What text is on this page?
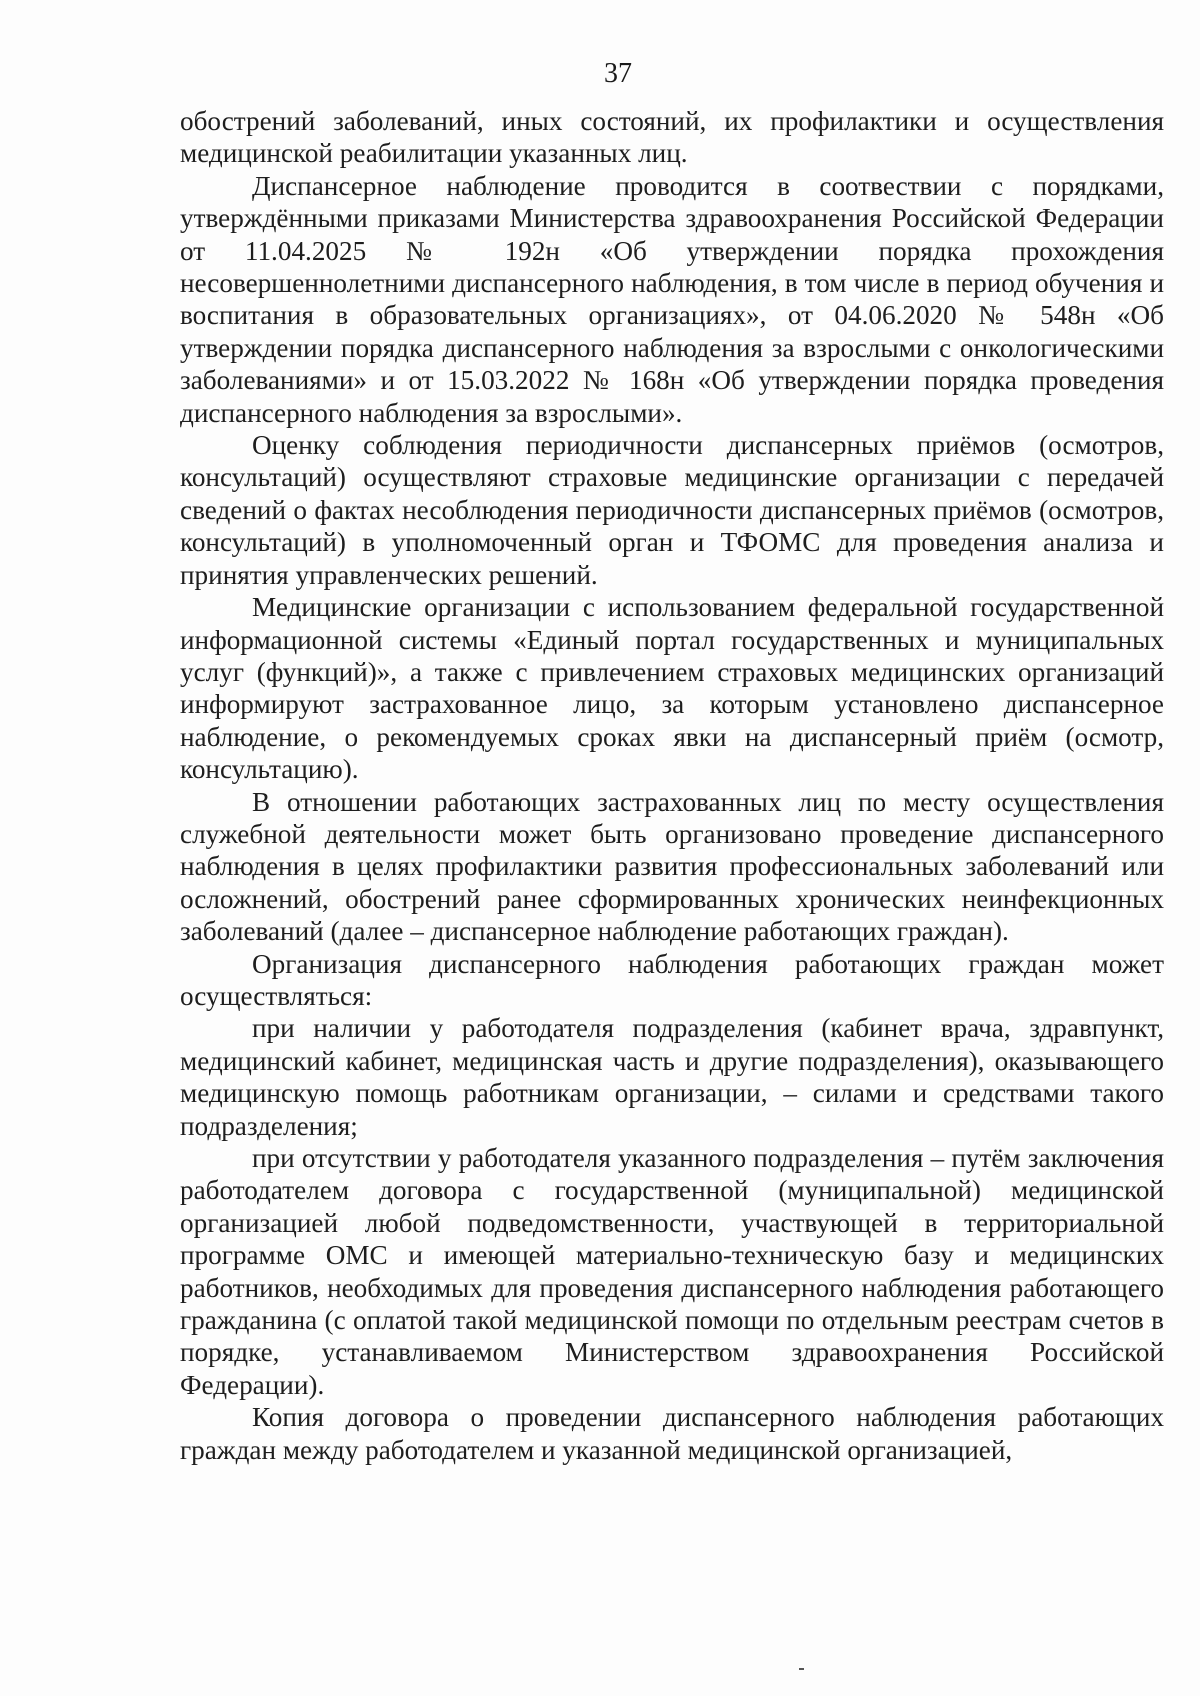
37

обострений заболеваний, иных состояний, их профилактики и осуществления медицинской реабилитации указанных лиц.

Диспансерное наблюдение проводится в соотвествии с порядками, утверждёнными приказами Министерства здравоохранения Российской Федерации от 11.04.2025 № 192н «Об утверждении порядка прохождения несовершеннолетними диспансерного наблюдения, в том числе в период обучения и воспитания в образовательных организациях», от 04.06.2020 № 548н «Об утверждении порядка диспансерного наблюдения за взрослыми с онкологическими заболеваниями» и от 15.03.2022 № 168н «Об утверждении порядка проведения диспансерного наблюдения за взрослыми».

Оценку соблюдения периодичности диспансерных приёмов (осмотров, консультаций) осуществляют страховые медицинские организации с передачей сведений о фактах несоблюдения периодичности диспансерных приёмов (осмотров, консультаций) в уполномоченный орган и ТФОМС для проведения анализа и принятия управленческих решений.

Медицинские организации с использованием федеральной государственной информационной системы «Единый портал государственных и муниципальных услуг (функций)», а также с привлечением страховых медицинских организаций информируют застрахованное лицо, за которым установлено диспансерное наблюдение, о рекомендуемых сроках явки на диспансерный приём (осмотр, консультацию).

В отношении работающих застрахованных лиц по месту осуществления служебной деятельности может быть организовано проведение диспансерного наблюдения в целях профилактики развития профессиональных заболеваний или осложнений, обострений ранее сформированных хронических неинфекционных заболеваний (далее – диспансерное наблюдение работающих граждан).

Организация диспансерного наблюдения работающих граждан может осуществляться:

при наличии у работодателя подразделения (кабинет врача, здравпункт, медицинский кабинет, медицинская часть и другие подразделения), оказывающего медицинскую помощь работникам организации, – силами и средствами такого подразделения;

при отсутствии у работодателя указанного подразделения – путём заключения работодателем договора с государственной (муниципальной) медицинской организацией любой подведомственности, участвующей в территориальной программе ОМС и имеющей материально-техническую базу и медицинских работников, необходимых для проведения диспансерного наблюдения работающего гражданина (с оплатой такой медицинской помощи по отдельным реестрам счетов в порядке, устанавливаемом Министерством здравоохранения Российской Федерации).

Копия договора о проведении диспансерного наблюдения работающих граждан между работодателем и указанной медицинской организацией,
